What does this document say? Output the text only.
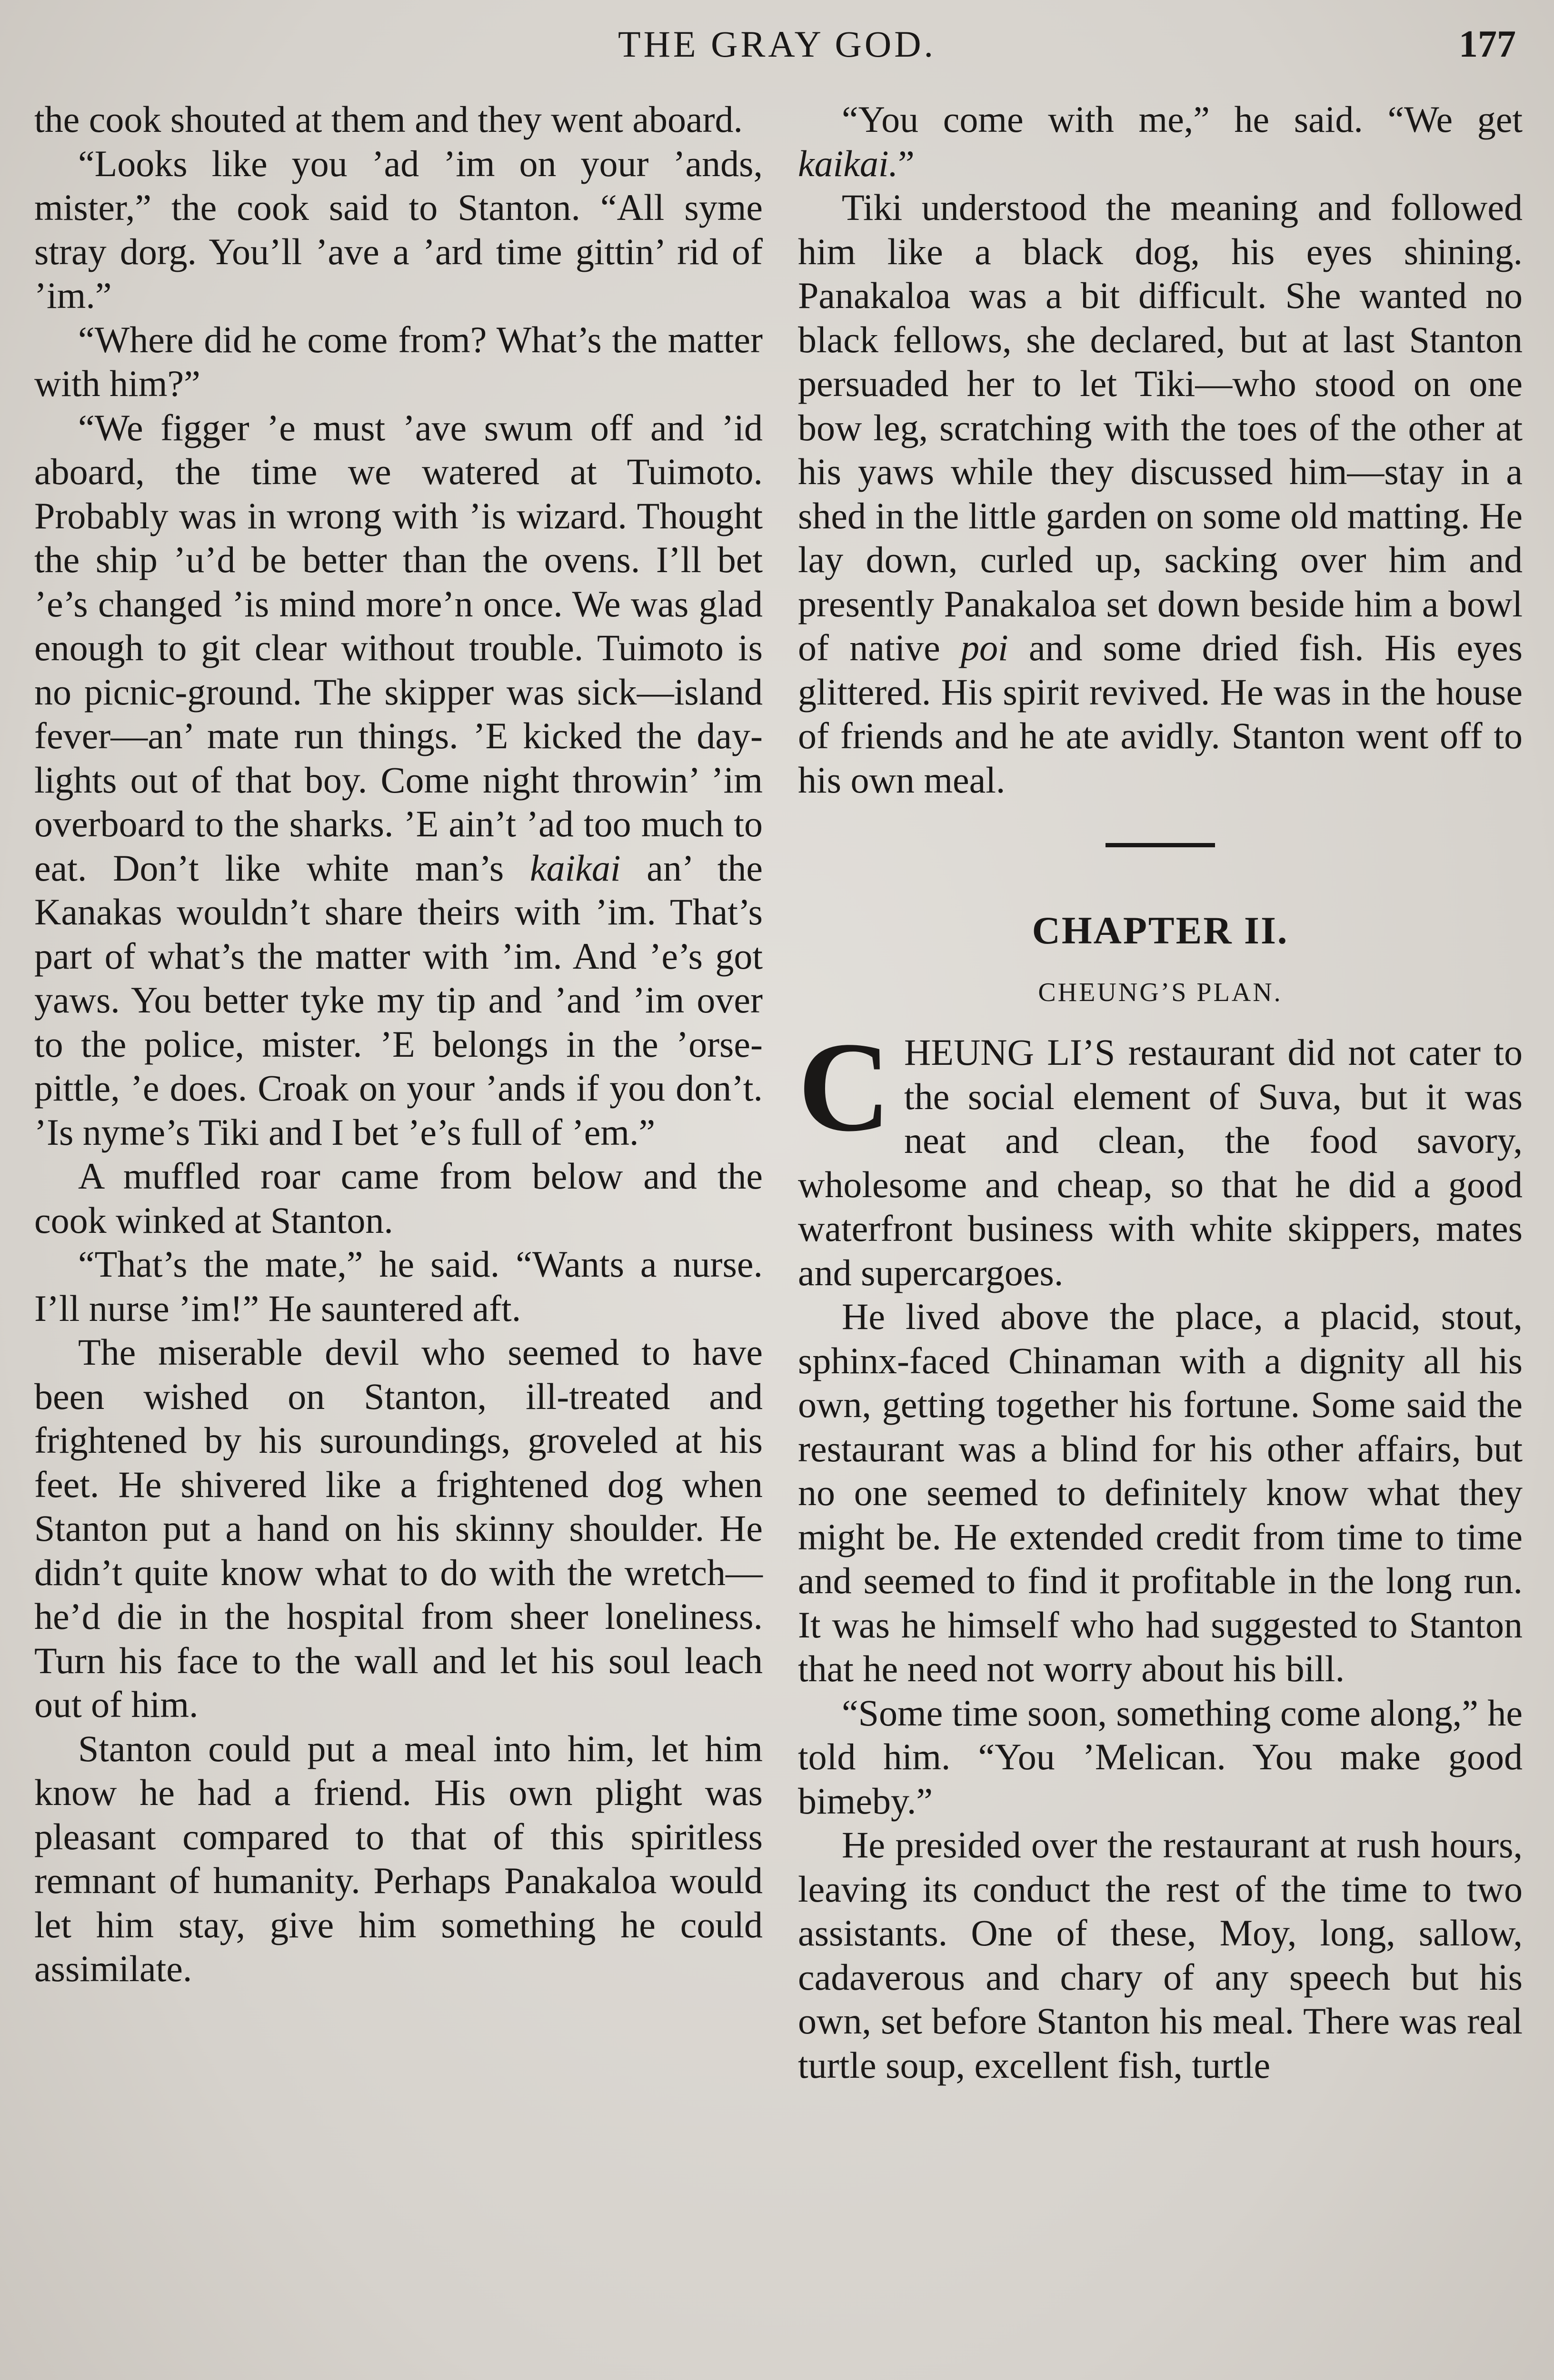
THE GRAY GOD.	177

the cook shouted at them and they went aboard.

“Looks like you ’ad ’im on your ’ands, mister,” the cook said to Stanton. “All syme stray dorg. You’ll ’ave a ’ard time gittin’ rid of ’im.”

“Where did he come from? What’s the matter with him?”

“We figger ’e must ’ave swum off and ’id aboard, the time we watered at Tuimoto. Probably was in wrong with ’is wizard. Thought the ship ’u’d be better than the ovens. I’ll bet ’e’s changed ’is mind more’n once. We was glad enough to git clear without trouble. Tuimoto is no picnic-ground. The skipper was sick—island fever—an’ mate run things. ’E kicked the day-lights out of that boy. Come night throwin’ ’im overboard to the sharks. ’E ain’t ’ad too much to eat. Don’t like white man’s kaikai an’ the Kanakas wouldn’t share theirs with ’im. That’s part of what’s the matter with ’im. And ’e’s got yaws. You better tyke my tip and ’and ’im over to the police, mister. ’E belongs in the ’orse-pittle, ’e does. Croak on your ’ands if you don’t. ’Is nyme’s Tiki and I bet ’e’s full of ’em.”

A muffled roar came from below and the cook winked at Stanton.

“That’s the mate,” he said. “Wants a nurse. I’ll nurse ’im!” He sauntered aft.

The miserable devil who seemed to have been wished on Stanton, ill-treated and frightened by his suroundings, groveled at his feet. He shivered like a frightened dog when Stanton put a hand on his skinny shoulder. He didn’t quite know what to do with the wretch—he’d die in the hospital from sheer loneliness. Turn his face to the wall and let his soul leach out of him.

Stanton could put a meal into him, let him know he had a friend. His own plight was pleasant compared to that of this spiritless remnant of humanity. Perhaps Panakaloa would let him stay, give him something he could assimilate.

“You come with me,” he said. “We get kaikai.”

Tiki understood the meaning and followed him like a black dog, his eyes shining. Panakaloa was a bit difficult. She wanted no black fellows, she declared, but at last Stanton persuaded her to let Tiki—who stood on one bow leg, scratching with the toes of the other at his yaws while they discussed him—stay in a shed in the little garden on some old matting. He lay down, curled up, sacking over him and presently Panakaloa set down beside him a bowl of native poi and some dried fish. His eyes glittered. His spirit revived. He was in the house of friends and he ate avidly. Stanton went off to his own meal.

CHAPTER II.
CHEUNG’S PLAN.

CHEUNG LI’S restaurant did not cater to the social element of Suva, but it was neat and clean, the food savory, wholesome and cheap, so that he did a good waterfront business with white skippers, mates and supercargoes.

He lived above the place, a placid, stout, sphinx-faced Chinaman with a dignity all his own, getting together his fortune. Some said the restaurant was a blind for his other affairs, but no one seemed to definitely know what they might be. He extended credit from time to time and seemed to find it profitable in the long run. It was he himself who had suggested to Stanton that he need not worry about his bill.

“Some time soon, something come along,” he told him. “You ’Melican. You make good bimeby.”

He presided over the restaurant at rush hours, leaving its conduct the rest of the time to two assistants. One of these, Moy, long, sallow, cadaverous and chary of any speech but his own, set before Stanton his meal. There was real turtle soup, excellent fish, turtle
